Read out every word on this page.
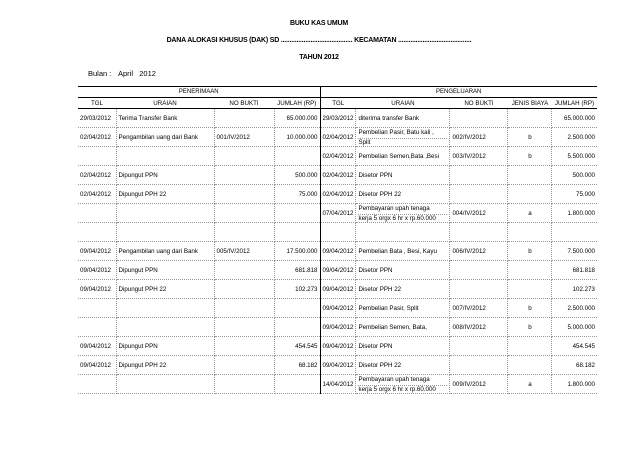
BUKU KAS UMUM
DANA ALOKASI KHUSUS (DAK) SD ......................................... KECAMATAN ..........................................
TAHUN 2012
Bulan : April   2012
PENERIMAAN				PENGELUARAN				
TGL	URAIAN	NO BUKTI	JUMLAH (RP)	TGL	URAIAN	NO BUKTI	JENIS BIAYA	JUMLAH (RP)
29/03/2012	Terima Transfer Bank		65.000.000	29/03/2012	diterima transfer Bank			65.000.000
02/04/2012	Pengambilan uang dari Bank	001/IV/2012	10.000.000	02/04/2012	Pembelian Pasir, Batu kali ,
Split	002/IV/2012	b	2.500.000
				02/04/2012	Pembelian Semen,Bata ,Besi	003/IV/2012	b	5.500.000
02/04/2012	Dipungut PPN		500.000	02/04/2012	Disetor PPN			500.000
02/04/2012	Dipungut PPH 22		75.000	02/04/2012	Disetor PPH 22			75.000
				07/04/2012	Pembayaran upah tenaga
kerja 5 orgx 6 hr x rp.60.000	004/IV/2012	a	1.800.000

09/04/2012	Pengambilan uang dari Bank	005/IV/2012	17.500.000	09/04/2012	Pembelian Bata , Besi, Kayu	006/IV/2012	b	7.500.000
09/04/2012	Dipungut PPN		681.818	09/04/2012	Disetor PPN			681.818
09/04/2012	Dipungut PPH 22		102.273	09/04/2012	Disetor PPH 22			102.273
				09/04/2012	Pembelian Pasir, Split	007/IV/2012	b	2.500.000
				09/04/2012	Pembelian Semen, Bata,	008/IV/2012	b	5.000.000
09/04/2012	Dipungut PPN		454.545	09/04/2012	Disetor PPN			454.545
09/04/2012	Dipungut PPH 22		68.182	09/04/2012	Disetor PPH 22			68.182
				14/04/2012	Pembayaran upah tenaga
kerja 5 orgx 6 hr x rp.60.000	009/IV/2012	a	1.800.000
